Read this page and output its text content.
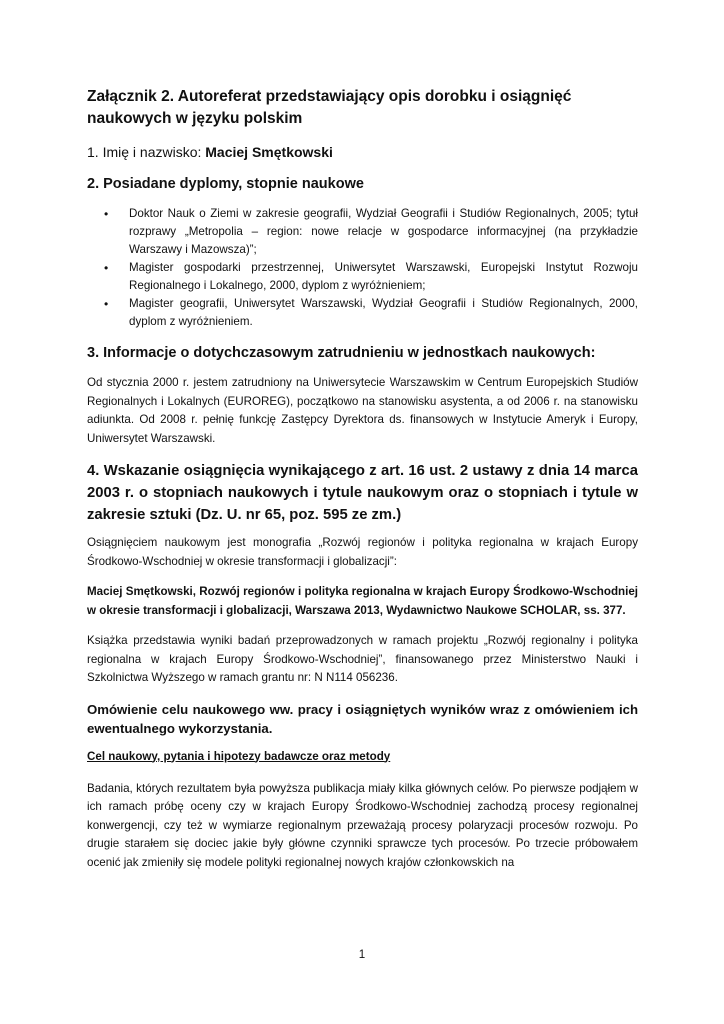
Załącznik 2. Autoreferat przedstawiający opis dorobku i osiągnięć naukowych w języku polskim
1. Imię i nazwisko: Maciej Smętkowski
2. Posiadane dyplomy, stopnie naukowe
• Doktor Nauk o Ziemi w zakresie geografii, Wydział Geografii i Studiów Regionalnych, 2005; tytuł rozprawy „Metropolia – region: nowe relacje w gospodarce informacyjnej (na przykładzie Warszawy i Mazowsza)”;
• Magister gospodarki przestrzennej, Uniwersytet Warszawski, Europejski Instytut Rozwoju Regionalnego i Lokalnego, 2000, dyplom z wyróżnieniem;
• Magister geografii, Uniwersytet Warszawski, Wydział Geografii i Studiów Regionalnych, 2000, dyplom z wyróżnieniem.
3. Informacje o dotychczasowym zatrudnieniu w jednostkach naukowych:

Od stycznia 2000 r. jestem zatrudniony na Uniwersytecie Warszawskim w Centrum Europejskich Studiów Regionalnych i Lokalnych (EUROREG), początkowo na stanowisku asystenta, a od 2006 r. na stanowisku adiunkta. Od 2008 r. pełnię funkcję Zastępcy Dyrektora ds. finansowych w Instytucie Ameryk i Europy, Uniwersytet Warszawski.

4. Wskazanie osiągnięcia wynikającego z art. 16 ust. 2 ustawy z dnia 14 marca 2003 r. o stopniach naukowych i tytule naukowym oraz o stopniach i tytule w zakresie sztuki (Dz. U. nr 65, poz. 595 ze zm.)

Osiągnięciem naukowym jest monografia „Rozwój regionów i polityka regionalna w krajach Europy Środkowo-Wschodniej w okresie transformacji i globalizacji”:

Maciej Smętkowski, Rozwój regionów i polityka regionalna w krajach Europy Środkowo-Wschodniej w okresie transformacji i globalizacji, Warszawa 2013, Wydawnictwo Naukowe SCHOLAR, ss. 377.

Książka przedstawia wyniki badań przeprowadzonych w ramach projektu „Rozwój regionalny i polityka regionalna w krajach Europy Środkowo-Wschodniej”, finansowanego przez Ministerstwo Nauki i Szkolnictwa Wyższego w ramach grantu nr: N N114 056236.

Omówienie celu naukowego ww. pracy i osiągniętych wyników wraz z omówieniem ich ewentualnego wykorzystania.
Cel naukowy, pytania i hipotezy badawcze oraz metody

Badania, których rezultatem była powyższa publikacja miały kilka głównych celów. Po pierwsze podjąłem w ich ramach próbę oceny czy w krajach Europy Środkowo-Wschodniej zachodzą procesy regionalnej konwergencji, czy też w wymiarze regionalnym przeważają procesy polaryzacji procesów rozwoju. Po drugie starałem się dociec jakie były główne czynniki sprawcze tych procesów. Po trzecie próbowałem ocenić jak zmieniły się modele polityki regionalnej nowych krajów członkowskich na

1
